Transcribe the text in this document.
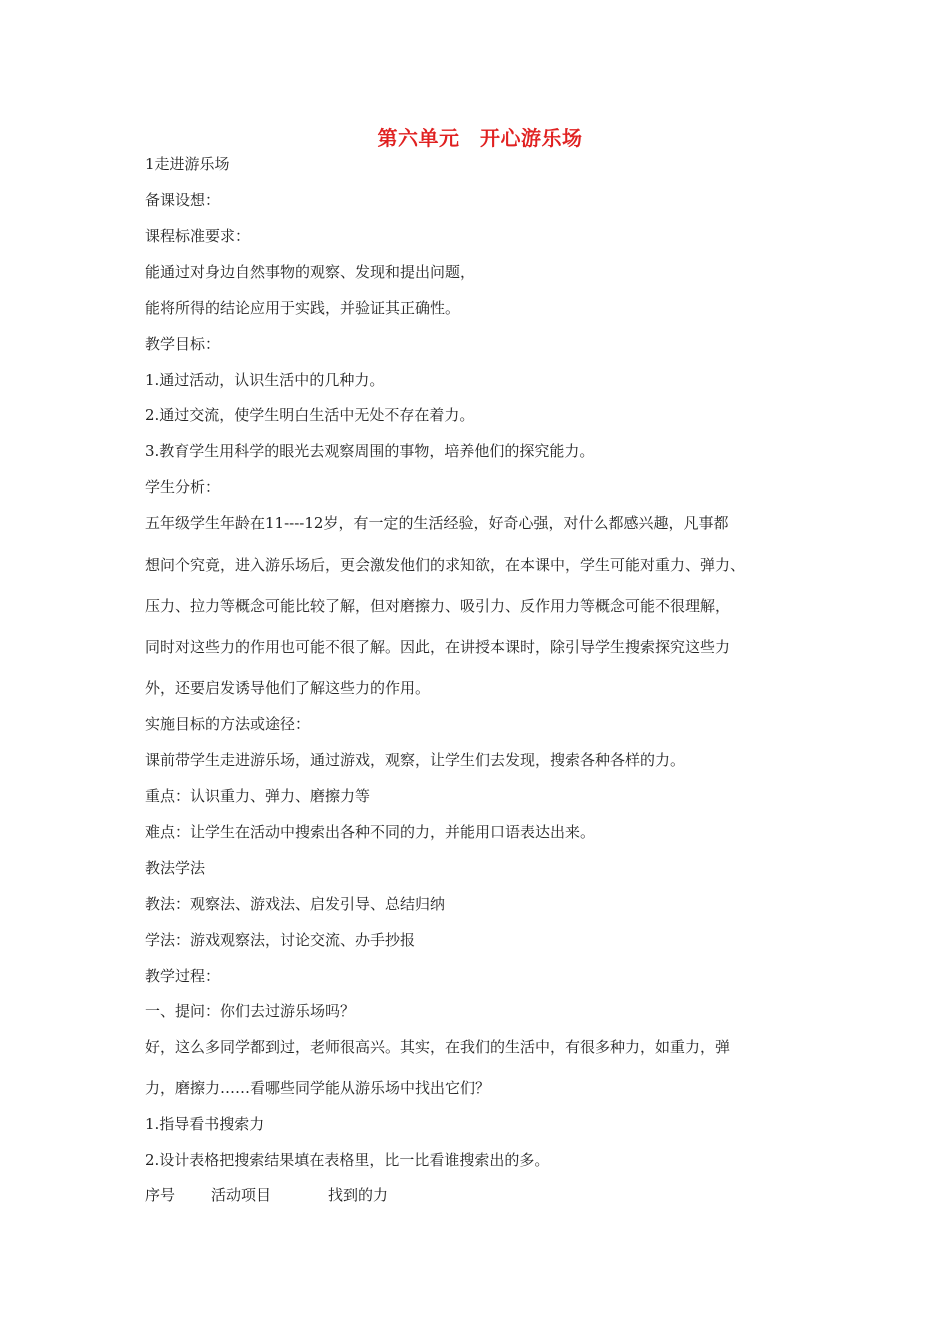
第六单元　开心游乐场
1走进游乐场
备课设想：
课程标准要求：
能通过对身边自然事物的观察、发现和提出问题，
能将所得的结论应用于实践，并验证其正确性。
教学目标：
1.通过活动，认识生活中的几种力。
2.通过交流，使学生明白生活中无处不存在着力。
3.教育学生用科学的眼光去观察周围的事物，培养他们的探究能力。
学生分析：
五年级学生年龄在11----12岁，有一定的生活经验，好奇心强，对什么都感兴趣，凡事都
想问个究竟，进入游乐场后，更会激发他们的求知欲，在本课中，学生可能对重力、弹力、
压力、拉力等概念可能比较了解，但对磨擦力、吸引力、反作用力等概念可能不很理解，
同时对这些力的作用也可能不很了解。因此，在讲授本课时，除引导学生搜索探究这些力
外，还要启发诱导他们了解这些力的作用。
实施目标的方法或途径：
课前带学生走进游乐场，通过游戏，观察，让学生们去发现，搜索各种各样的力。
重点：认识重力、弹力、磨擦力等
难点：让学生在活动中搜索出各种不同的力，并能用口语表达出来。
教法学法
教法：观察法、游戏法、启发引导、总结归纳
学法：游戏观察法，讨论交流、办手抄报
教学过程：
一、提问：你们去过游乐场吗？
好，这么多同学都到过，老师很高兴。其实，在我们的生活中，有很多种力，如重力，弹
力，磨擦力……看哪些同学能从游乐场中找出它们？
1.指导看书搜索力
2.设计表格把搜索结果填在表格里，比一比看谁搜索出的多。
序号 活动项目	找到的力
